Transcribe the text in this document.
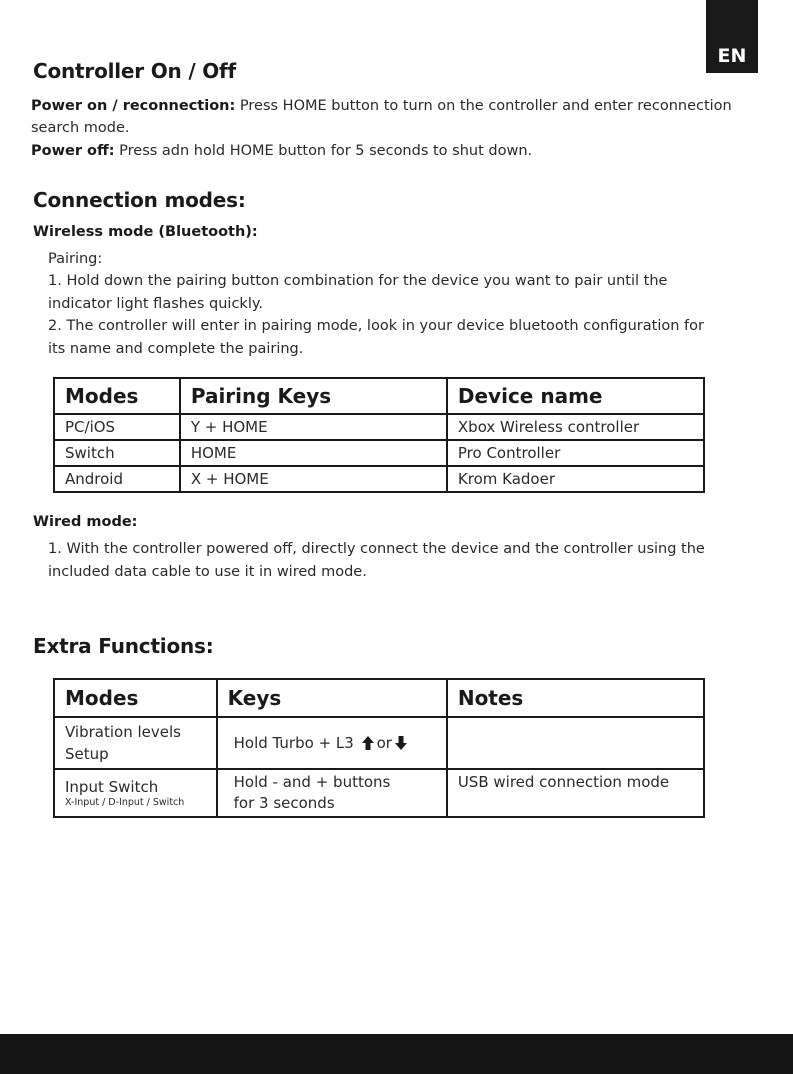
EN
Controller On / Off
Power on / reconnection: Press HOME button to turn on the controller and enter reconnection
search mode.
Power off: Press adn hold HOME button for 5 seconds to shut down.
Connection modes:
Wireless mode (Bluetooth):
Pairing:
1. Hold down the pairing button combination for the device you want to pair until the
indicator light flashes quickly.
2. The controller will enter in pairing mode, look in your device bluetooth configuration for
its name and complete the pairing.
Modes	Pairing Keys	Device name
PC/iOS	Y + HOME	Xbox Wireless controller
Switch	HOME	Pro Controller
Android	X + HOME	Krom Kadoer
Wired mode:
1. With the controller powered off, directly connect the device and the controller using the
included data cable to use it in wired mode.
Extra Functions:
Modes	Keys	Notes
Vibration levels
Setup	Hold Turbo + L3 or	
Input Switch
X-Input / D-Input / Switch	Hold - and + buttons
for 3 seconds	USB wired connection mode
